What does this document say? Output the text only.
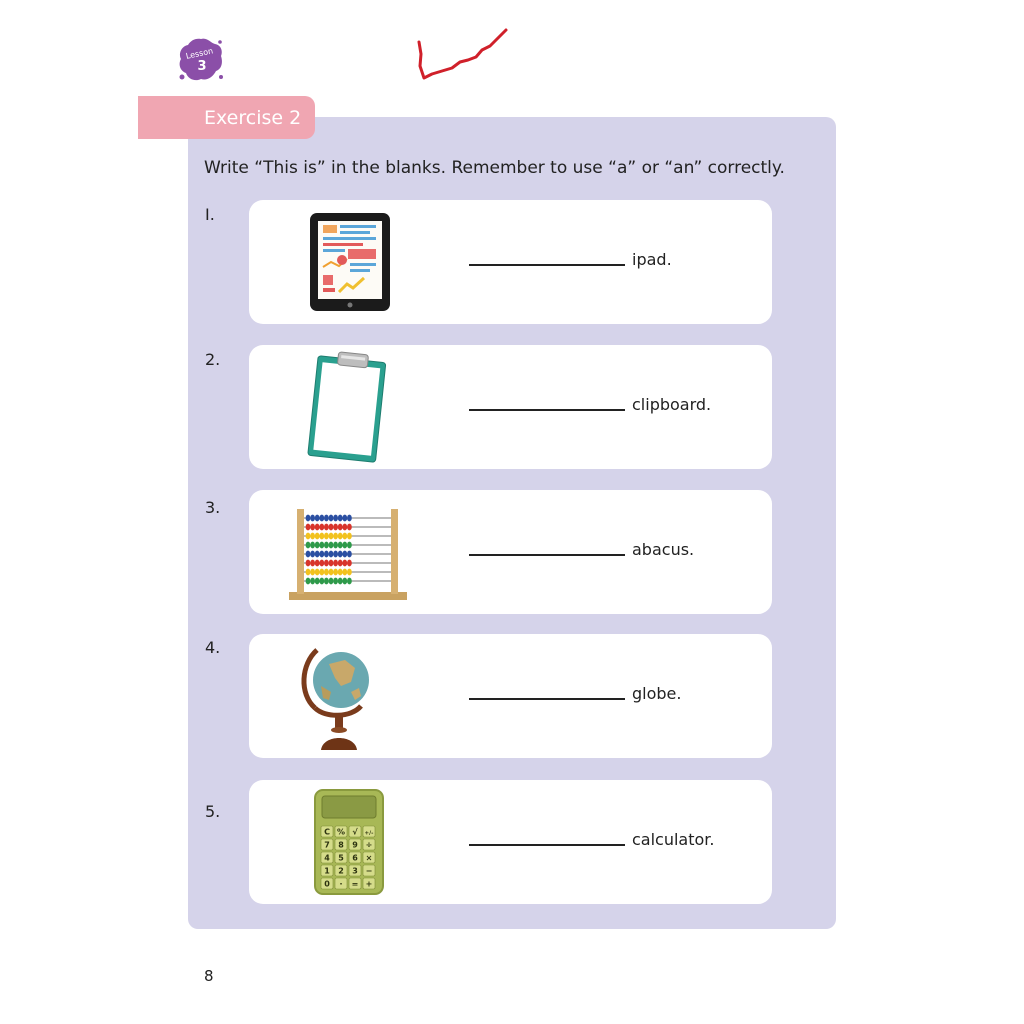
Lesson
3
Exercise 2
Write “This is” in the blanks. Remember to use “a” or “an” correctly.
I.
ipad.
2.
clipboard.
3.
abacus.
4.
globe.
5.
C % √ +/-
7 8 9 ÷
4 5 6 ×
1 2 3 −
0 · = +
calculator.
8
